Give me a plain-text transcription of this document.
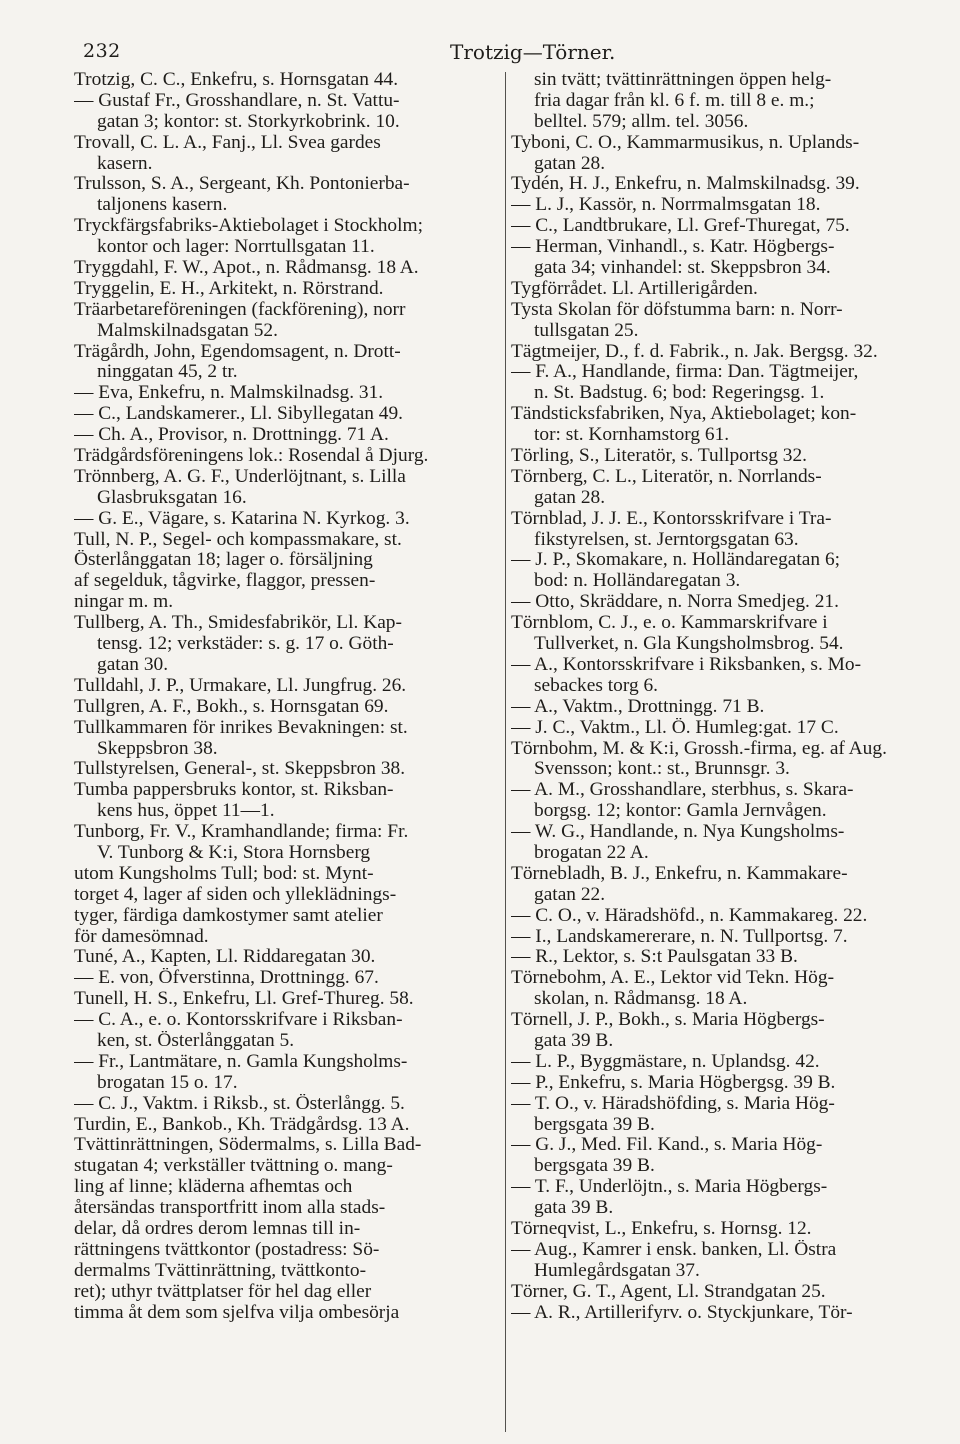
232	Trotzig—Törner.
Trotzig, C. C., Enkefru, s. Hornsgatan 44.
— Gustaf Fr., Grosshandlare, n. St. Vattu-
gatan 3; kontor: st. Storkyrkobrink. 10.
Trovall, C. L. A., Fanj., Ll. Svea gardes
kasern.
Trulsson, S. A., Sergeant, Kh. Pontonierba-
taljonens kasern.
Tryckfärgsfabriks-Aktiebolaget i Stockholm;
kontor och lager: Norrtullsgatan 11.
Tryggdahl, F. W., Apot., n. Rådmansg. 18 A.
Tryggelin, E. H., Arkitekt, n. Rörstrand.
Träarbetareföreningen (fackförening), norr
Malmskilnadsgatan 52.
Trägårdh, John, Egendomsagent, n. Drott-
ninggatan 45, 2 tr.
— Eva, Enkefru, n. Malmskilnadsg. 31.
— C., Landskamerer., Ll. Sibyllegatan 49.
— Ch. A., Provisor, n. Drottningg. 71 A.
Trädgårdsföreningens lok.: Rosendal å Djurg.
Trönnberg, A. G. F., Underlöjtnant, s. Lilla
Glasbruksgatan 16.
— G. E., Vägare, s. Katarina N. Kyrkog. 3.
Tull, N. P., Segel- och kompassmakare, st.
Österlånggatan 18; lager o. försäljning
af segelduk, tågvirke, flaggor, pressen-
ningar m. m.
Tullberg, A. Th., Smidesfabrikör, Ll. Kap-
tensg. 12; verkstäder: s. g. 17 o. Göth-
gatan 30.
Tulldahl, J. P., Urmakare, Ll. Jungfrug. 26.
Tullgren, A. F., Bokh., s. Hornsgatan 69.
Tullkammaren för inrikes Bevakningen: st.
Skeppsbron 38.
Tullstyrelsen, General-, st. Skeppsbron 38.
Tumba pappersbruks kontor, st. Riksban-
kens hus, öppet 11—1.
Tunborg, Fr. V., Kramhandlande; firma: Fr.
V. Tunborg & K:i, Stora Hornsberg
utom Kungsholms Tull; bod: st. Mynt-
torget 4, lager af siden och ylleklädnings-
tyger, färdiga damkostymer samt atelier
för damesömnad.
Tuné, A., Kapten, Ll. Riddaregatan 30.
— E. von, Öfverstinna, Drottningg. 67.
Tunell, H. S., Enkefru, Ll. Gref-Thureg. 58.
— C. A., e. o. Kontorsskrifvare i Riksban-
ken, st. Österlånggatan 5.
— Fr., Lantmätare, n. Gamla Kungsholms-
brogatan 15 o. 17.
— C. J., Vaktm. i Riksb., st. Österlångg. 5.
Turdin, E., Bankob., Kh. Trädgårdsg. 13 A.
Tvättinrättningen, Södermalms, s. Lilla Bad-
stugatan 4; verkställer tvättning o. mang-
ling af linne; kläderna afhemtas och
återsändas transportfritt inom alla stads-
delar, då ordres derom lemnas till in-
rättningens tvättkontor (postadress: Sö-
dermalms Tvättinrättning, tvättkonto-
ret); uthyr tvättplatser för hel dag eller
timma åt dem som sjelfva vilja ombesörja
sin tvätt; tvättinrättningen öppen helg-
fria dagar från kl. 6 f. m. till 8 e. m.;
belltel. 579; allm. tel. 3056.
Tyboni, C. O., Kammarmusikus, n. Uplands-
gatan 28.
Tydén, H. J., Enkefru, n. Malmskilnadsg. 39.
— L. J., Kassör, n. Norrmalmsgatan 18.
— C., Landtbrukare, Ll. Gref-Thuregat, 75.
— Herman, Vinhandl., s. Katr. Högbergs-
gata 34; vinhandel: st. Skeppsbron 34.
Tygförrådet. Ll. Artillerigården.
Tysta Skolan för döfstumma barn: n. Norr-
tullsgatan 25.
Tägtmeijer, D., f. d. Fabrik., n. Jak. Bergsg. 32.
— F. A., Handlande, firma: Dan. Tägtmeijer,
n. St. Badstug. 6; bod: Regeringsg. 1.
Tändsticksfabriken, Nya, Aktiebolaget; kon-
tor: st. Kornhamstorg 61.
Törling, S., Literatör, s. Tullportsg 32.
Törnberg, C. L., Literatör, n. Norrlands-
gatan 28.
Törnblad, J. J. E., Kontorsskrifvare i Tra-
fikstyrelsen, st. Jerntorgsgatan 63.
— J. P., Skomakare, n. Holländaregatan 6;
bod: n. Holländaregatan 3.
— Otto, Skräddare, n. Norra Smedjeg. 21.
Törnblom, C. J., e. o. Kammarskrifvare i
Tullverket, n. Gla Kungsholmsbrog. 54.
— A., Kontorsskrifvare i Riksbanken, s. Mo-
sebackes torg 6.
— A., Vaktm., Drottningg. 71 B.
— J. C., Vaktm., Ll. Ö. Humleg:gat. 17 C.
Törnbohm, M. & K:i, Grossh.-firma, eg. af Aug.
Svensson; kont.: st., Brunnsgr. 3.
— A. M., Grosshandlare, sterbhus, s. Skara-
borgsg. 12; kontor: Gamla Jernvågen.
— W. G., Handlande, n. Nya Kungsholms-
brogatan 22 A.
Törnebladh, B. J., Enkefru, n. Kammakare-
gatan 22.
— C. O., v. Häradshöfd., n. Kammakareg. 22.
— I., Landskamererare, n. N. Tullportsg. 7.
— R., Lektor, s. S:t Paulsgatan 33 B.
Törnebohm, A. E., Lektor vid Tekn. Hög-
skolan, n. Rådmansg. 18 A.
Törnell, J. P., Bokh., s. Maria Högbergs-
gata 39 B.
— L. P., Byggmästare, n. Uplandsg. 42.
— P., Enkefru, s. Maria Högbergsg. 39 B.
— T. O., v. Häradshöfding, s. Maria Hög-
bergsgata 39 B.
— G. J., Med. Fil. Kand., s. Maria Hög-
bergsgata 39 B.
— T. F., Underlöjtn., s. Maria Högbergs-
gata 39 B.
Törneqvist, L., Enkefru, s. Hornsg. 12.
— Aug., Kamrer i ensk. banken, Ll. Östra
Humlegårdsgatan 37.
Törner, G. T., Agent, Ll. Strandgatan 25.
— A. R., Artillerifyrv. o. Styckjunkare, Tör-
